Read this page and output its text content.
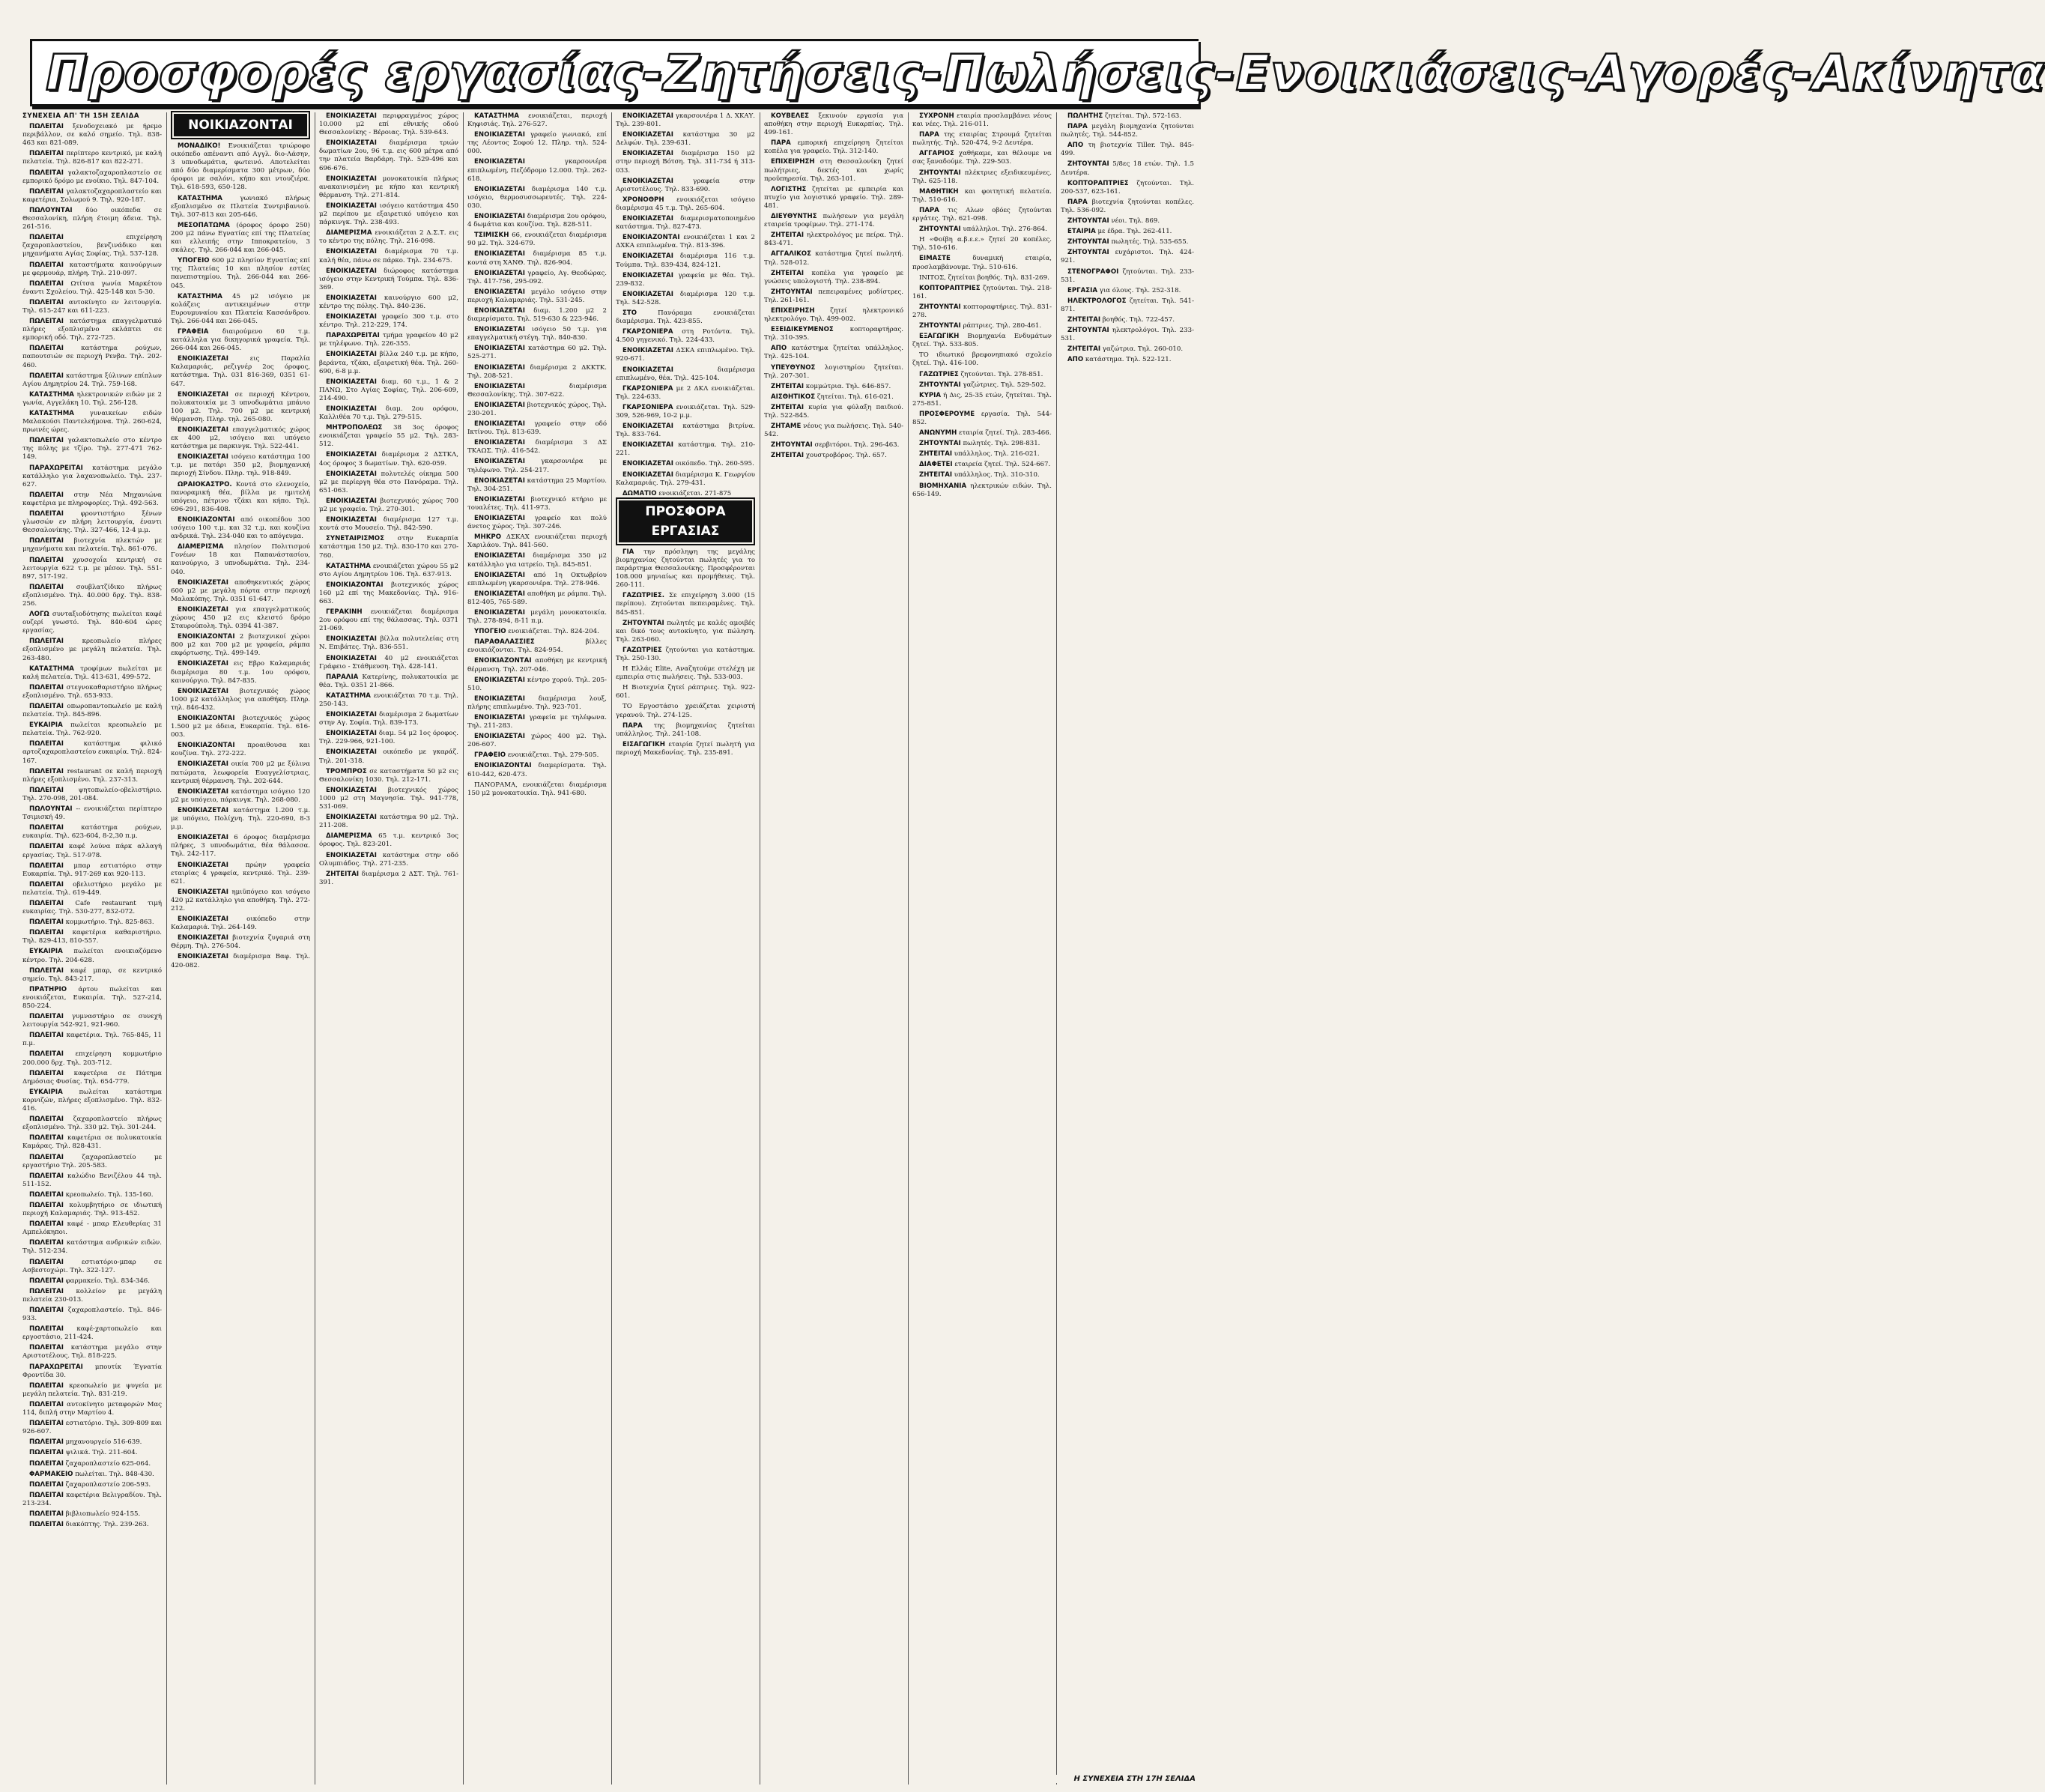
Προσφορές εργασίας-Ζητήσεις-Πωλήσεις-Ενοικιάσεις-Αγορές-Ακίνητα

ΣΥΝΕΧΕΙΑ ΑΠ' ΤΗ 15Η ΣΕΛΙΔΑ

ΠΩΛΕΙΤΑΙ ξενοδοχειακό με ήρεμο περιβάλλον, σε καλό σημείο. Τηλ. 838-463 και 821-089.

ΠΩΛΕΙΤΑΙ περίπτερο κεντρικό, με καλή πελατεία. Τηλ. 826-817 και 822-271.

ΠΩΛΕΙΤΑΙ γαλακτοζαχαροπλαστείο σε εμπορικό δρόμο με ενοίκιο. Τηλ. 847-104.

ΠΩΛΕΙΤΑΙ γαλακτοζαχαροπλαστείο και καφετέρια, Σολωμού 9. Τηλ. 920-187.

ΠΩΛΟΥΝΤΑΙ δύο οικόπεδα σε Θεσσαλονίκη, πλήρη έτοιμη άδεια. Τηλ. 261-516.

ΠΩΛΕΙΤΑΙ επιχείρηση ζαχαροπλαστείου, βενζινάδικο και μηχανήματα Αγίας Σοφίας. Τηλ. 537-128.

ΠΩΛΕΙΤΑΙ καταστήματα καινούργιων με φερμουάρ, πλήρη. Τηλ. 210-097.

ΠΩΛΕΙΤΑΙ Ωτίτσα γωνία Μαρκέτου έναντι Σχολείου. Τηλ. 425-148 και 5-30.

ΠΩΛΕΙΤΑΙ αυτοκίνητο εν λειτουργία. Τηλ. 615-247 και 611-223.

ΠΩΛΕΙΤΑΙ κατάστημα επαγγελματικό πλήρες εξοπλισμένο εκλάπτει σε εμπορική οδό. Τηλ. 272-725.

ΠΩΛΕΙΤΑΙ κατάστημα ρούχων, παπουτσιών σε περιοχή Ρενβα. Τηλ. 202-460.

ΠΩΛΕΙΤΑΙ κατάστημα ξύλινων επίπλων Αγίου Δημητρίου 24. Τηλ. 759-168.

ΚΑΤΑΣΤΗΜΑ ηλεκτρονικών ειδών με 2 γωνία, Αγγελάκη 10. Τηλ. 256-128.

ΚΑΤΑΣΤΗΜΑ γυναικείων ειδών Μαλακούσι Παντελεήμονα. Τηλ. 260-624, πρωινές ώρες.

ΠΩΛΕΙΤΑΙ γαλακτοπωλείο στο κέντρο της πόλης με τζίρο. Τηλ. 277-471 762-149.

ΠΑΡΑΧΩΡΕΙΤΑΙ κατάστημα μεγάλο κατάλληλο για λαχανοπωλείο. Τηλ. 237-627.

ΠΩΛΕΙΤΑΙ στην Νέα Μηχανιώνα καφετέρια με πληροφορίες. Τηλ. 492-563.

ΠΩΛΕΙΤΑΙ φροντιστήριο ξένων γλωσσών εν πλήρη λειτουργία, έναντι Θεσσαλονίκης. Τηλ. 327-466, 12-4 μ.μ.

ΠΩΛΕΙΤΑΙ βιοτεχνία πλεκτών με μηχανήματα και πελατεία. Τηλ. 861-076.

ΠΩΛΕΙΤΑΙ χρυσοχοΐα κεντρική σε λειτουργία 622 τ.μ. με μέσον. Τηλ. 551-897, 517-192.

ΠΩΛΕΙΤΑΙ σουβλατζίδικο πλήρως εξοπλισμένο. Τηλ. 40.000 δρχ. Τηλ. 838-256.

ΛΟΓΩ συνταξιοδότησης πωλείται καφέ ουζερί γνωστό. Τηλ. 840-604 ώρες εργασίας.

ΠΩΛΕΙΤΑΙ κρεοπωλείο πλήρες εξοπλισμένο με μεγάλη πελατεία. Τηλ. 263-480.

ΚΑΤΑΣΤΗΜΑ τροφίμων πωλείται με καλή πελατεία. Τηλ. 413-631, 499-572.

ΠΩΛΕΙΤΑΙ στεγνοκαθαριστήριο πλήρως εξοπλισμένο. Τηλ. 653-933.

ΠΩΛΕΙΤΑΙ οπωροπαντοπωλείο με καλή πελατεία. Τηλ. 845-896.

ΕΥΚΑΙΡΙΑ πωλείται κρεοπωλείο με πελατεία. Τηλ. 762-920.

ΠΩΛΕΙΤΑΙ κατάστημα φιλικό αρτοζαχαροπλαστείου ευκαιρία. Τηλ. 824-167.

ΠΩΛΕΙΤΑΙ restaurant σε καλή περιοχή πλήρες εξοπλισμένο. Τηλ. 237-313.

ΠΩΛΕΙΤΑΙ ψητοπωλείο-οβελιστήριο. Τηλ. 270-098, 201-084.

ΠΩΛΟΥΝΤΑΙ -- ενοικιάζεται περίπτερο Τσιμισκή 49.

ΠΩΛΕΙΤΑΙ κατάστημα ρούχων, ευκαιρία. Τηλ. 623-604, 8-2,30 π.μ.

ΠΩΛΕΙΤΑΙ καφέ λούνα πάρκ αλλαγή εργασίας. Τηλ. 517-978.

ΠΩΛΕΙΤΑΙ μπαρ εστιατόριο στην Ευκαρπία. Τηλ. 917-269 και 920-113.

ΠΩΛΕΙΤΑΙ οβελιστήριο μεγάλο με πελατεία. Τηλ. 619-449.

ΠΩΛΕΙΤΑΙ Cafe restaurant τιμή ευκαιρίας. Τηλ. 530-277, 832-072.

ΠΩΛΕΙΤΑΙ κομμωτήριο. Τηλ. 825-863.

ΠΩΛΕΙΤΑΙ καφετέρια καθαριστήριο. Τηλ. 829-413, 810-557.

ΕΥΚΑΙΡΙΑ πωλείται ενοικιαζόμενο κέντρο. Τηλ. 204-628.

ΠΩΛΕΙΤΑΙ καφέ μπαρ, σε κεντρικό σημείο. Τηλ. 843-217.

ΠΡΑΤΗΡΙΟ άρτου πωλείται και ενοικιάζεται, Ευκαιρία. Τηλ. 527-214, 850-224.

ΠΩΛΕΙΤΑΙ γυμναστήριο σε συνεχή λειτουργία 542-921, 921-960.

ΠΩΛΕΙΤΑΙ καφετέρια. Τηλ. 765-845, 11 π.μ.

ΠΩΛΕΙΤΑΙ επιχείρηση κομμωτήριο 200.000 δρχ. Τηλ. 203-712.

ΠΩΛΕΙΤΑΙ καφετέρια σε Πάτημα Δημόσιας Φυσίας. Τηλ. 654-779.

ΕΥΚΑΙΡΙΑ πωλείται κατάστημα κορνιζών, πλήρες εξοπλισμένο. Τηλ. 832-416.

ΠΩΛΕΙΤΑΙ ζαχαροπλαστείο πλήρως εξοπλισμένο. Τηλ. 330 μ2. Τηλ. 301-244.

ΠΩΛΕΙΤΑΙ καφετέρια σε πολυκατοικία Καμάρας. Τηλ. 828-431.

ΠΩΛΕΙΤΑΙ ζαχαροπλαστείο με εργαστήριο Τηλ. 205-583.

ΠΩΛΕΙΤΑΙ καλώδιο Βενιζέλου 44 τηλ. 511-152.

ΠΩΛΕΙΤΑΙ κρεοπωλείο. Τηλ. 135-160.

ΠΩΛΕΙΤΑΙ κολυμβητήριο σε ιδιωτική περιοχή Καλαμαριάς. Τηλ. 913-452.

ΠΩΛΕΙΤΑΙ καφέ - μπαρ Ελευθερίας 31 Αμπελόκηποι.

ΠΩΛΕΙΤΑΙ κατάστημα ανδρικών ειδών. Τηλ. 512-234.

ΠΩΛΕΙΤΑΙ εστιατόριο-μπαρ σε Ασβεστοχώρι. Τηλ. 322-127.

ΠΩΛΕΙΤΑΙ φαρμακείο. Τηλ. 834-346.

ΠΩΛΕΙΤΑΙ κολλείον με μεγάλη πελατεία 230-013.

ΠΩΛΕΙΤΑΙ ζαχαροπλαστείο. Τηλ. 846-933.

ΠΩΛΕΙΤΑΙ καφέ-χαρτοπωλείο και εργοστάσιο, 211-424.

ΠΩΛΕΙΤΑΙ κατάστημα μεγάλο στην Αριστοτέλους. Τηλ. 818-225.

ΠΑΡΑΧΩΡΕΙΤΑΙ μπουτίκ Έγνατία Φροντίδα 30.

ΠΩΛΕΙΤΑΙ κρεοπωλείο με ψυγεία με μεγάλη πελατεία. Τηλ. 831-219.

ΠΩΛΕΙΤΑΙ αυτοκίνητο μεταφορών Μας 114, διπλή στην Μαρτίου 4.

ΠΩΛΕΙΤΑΙ εστιατόριο. Τηλ. 309-809 και 926-607.

ΠΩΛΕΙΤΑΙ μηχανουργείο 516-639.

ΠΩΛΕΙΤΑΙ ψιλικά. Τηλ. 211-604.

ΠΩΛΕΙΤΑΙ ζαχαροπλαστείο 625-064.

ΦΑΡΜΑΚΕΙΟ πωλείται. Τηλ. 848-430.

ΠΩΛΕΙΤΑΙ ζαχαροπλαστείο 206-593.

ΠΩΛΕΙΤΑΙ καφετέρια Βελιγραδίου. Τηλ. 213-234.

ΠΩΛΕΙΤΑΙ βιβλιοπωλείο 924-155.

ΠΩΛΕΙΤΑΙ διακόπτης. Τηλ. 239-263.

ΝΟΙΚΙΑΖΟΝΤΑΙ

ΜΟΝΑΔΙΚΟ! Ενοικιάζεται τριώροφο οικόπεδο απέναντι από Αγγλ. διο-Λάσην, 3 υπνοδωμάτια, φωτεινό. Αποτελείται από δύο διαμερίσματα 300 μέτρων, δύο όροφοι με σαλόνι, κήπο και ντουζιέρα. Τηλ. 618-593, 650-128.

ΚΑΤΑΣΤΗΜΑ γωνιακό πλήρως εξοπλισμένο σε Πλατεία Συντριβανιού. Τηλ. 307-813 και 205-646.

ΜΕΣΟΠΑΤΩΜΑ (όροφος όροφο 250) 200 μ2 πάνω Εγνατίας επί της Πλατείας και ελλειπής στην Ιπποκρατείου, 3 σκάλες. Τηλ. 266-044 και 266-045.

ΥΠΟΓΕΙΟ 600 μ2 πλησίον Εγνατίας επί της Πλατείας 10 και πλησίον εστίες πανεπιστημίου. Τηλ. 266-044 και 266-045.

ΚΑΤΑΣΤΗΜΑ 45 μ2 ισόγειο με κολάζεις αντικειμένων στην Ευρουμυναίου και Πλατεία Κασσάνδρου. Τηλ. 266-044 και 266-045.

ΓΡΑΦΕΙΑ διαιρούμενο 60 τ.μ. κατάλληλα για δικηγορικά γραφεία. Τηλ. 266-044 και 266-045.

ΕΝΟΙΚΙΑΖΕΤΑΙ εις Παραλία Καλαμαριάς, ρεζιγνέρ 2ος όροφος, κατάστημα. Τηλ. 031 816-369, 0351 61-647.

ΕΝΟΙΚΙΑΖΕΤΑΙ σε περιοχή Κέντρου, πολυκατοικία με 3 υπνοδωμάτια μπάνιο 100 μ2. Τηλ. 700 μ2 με κεντρική θέρμανση. Πληρ. τηλ. 265-080.

ΕΝΟΙΚΙΑΖΕΤΑΙ επαγγελματικός χώρος εκ 400 μ2, ισόγειο και υπόγειο κατάστημα με παρκινγκ. Τηλ. 522-441.

ΕΝΟΙΚΙΑΖΕΤΑΙ ισόγειο κατάστημα 100 τ.μ. με πατάρι 350 μ2, βιομηχανική περιοχή Σίνδου. Πληρ. τηλ. 918-849.

ΩΡΑΙΟΚΑΣΤΡΟ. Κοντά στο ελενοχείο, πανοραμική θέα, βίλλα με ημιτελή υπόγειο, πέτρινο τζάκι και κήπο. Τηλ. 696-291, 836-408.

ΕΝΟΙΚΙΑΖΟΝΤΑΙ από οικοπέδου 300 ισόγειο 100 τ.μ. και 32 τ.μ. και κουζίνα ανδρικά. Τηλ. 234-040 και το απόγευμα.

ΔΙΑΜΕΡΙΣΜΑ πλησίον Πολιτισμού Γονέων 18 και Παπανάστασίου, καινούργιο, 3 υπνοδωμάτια. Τηλ. 234-040.

ΕΝΟΙΚΙΑΖΕΤΑΙ αποθηκευτικός χώρος 600 μ2 με μεγάλη πόρτα στην περιοχή Μαλακόπης. Τηλ. 0351 61-647.

ΕΝΟΙΚΙΑΖΕΤΑΙ για επαγγελματικούς χώρους 450 μ2 εις κλειστό δρόμο Σταυρούπολη. Τηλ. 0394 41-387.

ΕΝΟΙΚΙΑΖΟΝΤΑΙ 2 βιοτεχνικοί χώροι 800 μ2 και 700 μ2 με γραφεία, ράμπα εκφόρτωσης. Τηλ. 499-149.

ΕΝΟΙΚΙΑΖΕΤΑΙ εις Εβρο Καλαμαριάς διαμέρισμα 80 τ.μ. 1ου ορόφου, καινούργιο. Τηλ. 847-835.

ΕΝΟΙΚΙΑΖΕΤΑΙ βιοτεχνικός χώρος 1000 μ2 κατάλληλος για αποθήκη. Πληρ. τηλ. 846-432.

ΕΝΟΙΚΙΑΖΟΝΤΑΙ βιοτεχνικός χώρος 1.500 μ2 με άδεια, Ευκαρπία. Τηλ. 616-003.

ΕΝΟΙΚΙΑΖΟΝΤΑΙ προαιθουσα και κουζίνα. Τηλ. 272-222.

ΕΝΟΙΚΙΑΖΕΤΑΙ οικία 700 μ2 με ξύλινα πατώματα, λεωφορεία Ευαγγελίστριας, κεντρική θέρμανση. Τηλ. 202-644.

ΕΝΟΙΚΙΑΖΕΤΑΙ κατάστημα ισόγειο 120 μ2 με υπόγειο, πάρκινγκ. Τηλ. 268-080.

ΕΝΟΙΚΙΑΖΕΤΑΙ κατάστημα 1.200 τ.μ. με υπόγειο, Πολίχνη. Τηλ. 220-690, 8-3 μ.μ.

ΕΝΟΙΚΙΑΖΕΤΑΙ 6 όροφος διαμέρισμα πλήρες, 3 υπνοδωμάτια, θέα θάλασσα. Τηλ. 242-117.

ΕΝΟΙΚΙΑΖΕΤΑΙ πρώην γραφεία εταιρίας 4 γραφεία, κεντρικό. Τηλ. 239-621.

ΕΝΟΙΚΙΑΖΕΤΑΙ ημιϋπόγειο και ισόγειο 420 μ2 κατάλληλο για αποθήκη. Τηλ. 272-212.

ΕΝΟΙΚΙΑΖΕΤΑΙ οικόπεδο στην Καλαμαριά. Τηλ. 264-149.

ΕΝΟΙΚΙΑΖΕΤΑΙ βιοτεχνία ζυγαριά στη Θέρμη. Τηλ. 276-504.

ΕΝΟΙΚΙΑΖΕΤΑΙ διαμέρισμα Βαφ. Τηλ. 420-082.

ΕΝΟΙΚΙΑΖΕΤΑΙ περιφραγμένος χώρος 10.000 μ2 επί εθνικής οδού Θεσσαλονίκης - Βέροιας. Τηλ. 539-643.

ΕΝΟΙΚΙΑΖΕΤΑΙ διαμέρισμα τριών δωματίων 2ου, 96 τ.μ. εις 600 μέτρα από την πλατεία Βαρδάρη. Τηλ. 529-496 και 696-676.

ΕΝΟΙΚΙΑΖΕΤΑΙ μονοκατοικία πλήρως ανακαινισμένη με κήπο και κεντρική θέρμανση. Τηλ. 271-814.

ΕΝΟΙΚΙΑΖΕΤΑΙ ισόγειο κατάστημα 450 μ2 περίπου με εξαιρετικό υπόγειο και πάρκινγκ. Τηλ. 238-493.

ΔΙΑΜΕΡΙΣΜΑ ενοικιάζεται 2 Δ.Σ.Τ. εις το κέντρο της πόλης. Τηλ. 216-098.

ΕΝΟΙΚΙΑΖΕΤΑΙ διαμέρισμα 70 τ.μ. καλή θέα, πάνω σε πάρκο. Τηλ. 234-675.

ΕΝΟΙΚΙΑΖΕΤΑΙ διώροφος κατάστημα ισόγειο στην Κεντρική Τούμπα. Τηλ. 836-369.

ΕΝΟΙΚΙΑΖΕΤΑΙ καινούργιο 600 μ2, κέντρο της πόλης. Τηλ. 840-236.

ΕΝΟΙΚΙΑΖΕΤΑΙ γραφείο 300 τ.μ. στο κέντρο. Τηλ. 212-229, 174.

ΠΑΡΑΧΩΡΕΙΤΑΙ τμήμα γραφείου 40 μ2 με τηλέφωνο. Τηλ. 226-355.

ΕΝΟΙΚΙΑΖΕΤΑΙ βίλλα 240 τ.μ. με κήπο, βεράντα, τζάκι, εξαιρετική θέα. Τηλ. 260-690, 6-8 μ.μ.

ΕΝΟΙΚΙΑΖΕΤΑΙ διαμ. 60 τ.μ., 1 & 2 ΠΑΝΩ, Στο Αγίας Σοφίας, Τηλ. 206-609, 214-490.

ΕΝΟΙΚΙΑΖΕΤΑΙ διαμ. 2ου ορόφου, Καλλιθέα 70 τ.μ. Τηλ. 279-515.

ΜΗΤΡΟΠΟΛΕΩΣ 38 3ος όροφος ενοικιάζεται γραφείο 55 μ2. Τηλ. 283-512.

ΕΝΟΙΚΙΑΖΕΤΑΙ διαμέρισμα 2 ΔΣΤΚΛ, 4ος όροφος 3 δωματίων. Τηλ. 620-059.

ΕΝΟΙΚΙΑΖΕΤΑΙ πολυτελές οίκημα 500 μ2 με περίεργη θέα στο Πανόραμα. Τηλ. 651-063.

ΕΝΟΙΚΙΑΖΕΤΑΙ βιοτεχνικός χώρος 700 μ2 με γραφεία. Τηλ. 270-301.

ΕΝΟΙΚΙΑΖΕΤΑΙ διαμέρισμα 127 τ.μ. κοντά στο Μουσείο. Τηλ. 842-590.

ΣΥΝΕΤΑΙΡΙΣΜΟΣ στην Ευκαρπία κατάστημα 150 μ2. Τηλ. 830-170 και 270-760.

ΚΑΤΑΣΤΗΜΑ ενοικιάζεται χώρου 55 μ2 στο Αγίου Δημητρίου 106. Τηλ. 637-913.

ΕΝΟΙΚΙΑΖΟΝΤΑΙ βιοτεχνικός χώρος 160 μ2 επί της Μακεδονίας. Τηλ. 916-663.

ΓΕΡΑΚΙΝΗ ενοικιάζεται διαμέρισμα 2ου ορόφου επί της θάλασσας. Τηλ. 0371 21-069.

ΕΝΟΙΚΙΑΖΕΤΑΙ βίλλα πολυτελείας στη Ν. Επιβάτες. Τηλ. 836-551.

ΕΝΟΙΚΙΑΖΕΤΑΙ 40 μ2 ενοικιάζεται Γράφειο - Στάθμευση. Τηλ. 428-141.

ΠΑΡΑΛΙΑ Κατερίνης, πολυκατοικία με θέα. Τηλ. 0351 21-866.

ΚΑΤΑΣΤΗΜΑ ενοικιάζεται 70 τ.μ. Τηλ. 250-143.

ΕΝΟΙΚΙΑΖΕΤΑΙ διαμέρισμα 2 δωματίων στην Αγ. Σοφία. Τηλ. 839-173.

ΕΝΟΙΚΙΑΖΕΤΑΙ διαμ. 54 μ2 1ος όροφος. Τηλ. 229-966, 921-100.

ΕΝΟΙΚΙΑΖΕΤΑΙ οικόπεδο με γκαράζ. Τηλ. 201-318.

ΤΡΟΜΠΡΟΣ σε καταστήματα 50 μ2 εις Θεσσαλονίκη 1030. Τηλ. 212-171.

ΕΝΟΙΚΙΑΖΕΤΑΙ βιοτεχνικός χώρος 1000 μ2 στη Μαγνησία. Τηλ. 941-778, 531-069.

ΕΝΟΙΚΙΑΖΕΤΑΙ κατάστημα 90 μ2. Τηλ. 211-208.

ΔΙΑΜΕΡΙΣΜΑ 65 τ.μ. κεντρικό 3ος όροφος. Τηλ. 823-201.

ΕΝΟΙΚΙΑΖΕΤΑΙ κατάστημα στην οδό Ολυμπιάδος. Τηλ. 271-235.

ΖΗΤΕΙΤΑΙ διαμέρισμα 2 ΔΣΤ. Τηλ. 761-391.

ΚΑΤΑΣΤΗΜΑ ενοικιάζεται, περιοχή Κηφισιάς. Τηλ. 276-527.

ΕΝΟΙΚΙΑΖΕΤΑΙ γραφείο γωνιακό, επί της Λέοντος Σοφού 12. Πληρ. τηλ. 524-000.

ΕΝΟΙΚΙΑΖΕΤΑΙ γκαρσονιέρα επιπλωμένη, Πεζόδρομο 12.000. Τηλ. 262-618.

ΕΝΟΙΚΙΑΖΕΤΑΙ διαμέρισμα 140 τ.μ. ισόγειο, θερμοσυσσωρευτές. Τηλ. 224-030.

ΕΝΟΙΚΙΑΖΕΤΑΙ διαμέρισμα 2ου ορόφου, 4 δωμάτια και κουζίνα. Τηλ. 828-511.

ΤΣΙΜΙΣΚΗ 66, ενοικιάζεται διαμέρισμα 90 μ2. Τηλ. 324-679.

ΕΝΟΙΚΙΑΖΕΤΑΙ διαμέρισμα 85 τ.μ. κοντά στη ΧΑΝΘ. Τηλ. 826-904.

ΕΝΟΙΚΙΑΖΕΤΑΙ γραφείο, Αγ. Θεοδώρας. Τηλ. 417-756, 295-092.

ΕΝΟΙΚΙΑΖΕΤΑΙ μεγάλο ισόγειο στην περιοχή Καλαμαριάς. Τηλ. 531-245.

ΕΝΟΙΚΙΑΖΕΤΑΙ διαμ. 1.200 μ2 2 διαμερίσματα. Τηλ. 519-630 & 223-946.

ΕΝΟΙΚΙΑΖΕΤΑΙ ισόγειο 50 τ.μ. για επαγγελματική στέγη. Τηλ. 840-830.

ΕΝΟΙΚΙΑΖΕΤΑΙ κατάστημα 60 μ2. Τηλ. 525-271.

ΕΝΟΙΚΙΑΖΕΤΑΙ διαμέρισμα 2 ΔΚΚΤΚ. Τηλ. 208-521.

ΕΝΟΙΚΙΑΖΕΤΑΙ διαμέρισμα Θεσσαλονίκης. Τηλ. 307-622.

ΕΝΟΙΚΙΑΖΕΤΑΙ βιοτεχνικός χώρος, Τηλ. 230-201.

ΕΝΟΙΚΙΑΖΕΤΑΙ γραφείο στην οδό Ικτίνου. Τηλ. 813-639.

ΕΝΟΙΚΙΑΖΕΤΑΙ διαμέρισμα 3 ΔΣ ΤΚΑΩΣ. Τηλ. 416-542.

ΕΝΟΙΚΙΑΖΕΤΑΙ γκαρσονιέρα με τηλέφωνο. Τηλ. 254-217.

ΕΝΟΙΚΙΑΖΕΤΑΙ κατάστημα 25 Μαρτίου. Τηλ. 304-251.

ΕΝΟΙΚΙΑΖΕΤΑΙ βιοτεχνικό κτήριο με τουαλέτες. Τηλ. 411-973.

ΕΝΟΙΚΙΑΖΕΤΑΙ γραφείο και πολύ άνετος χώρος. Τηλ. 307-246.

ΜΗΚΡΟ ΔΣΚΑΧ ενοικιάζεται περιοχή Χαριλάου. Τηλ. 841-560.

ΕΝΟΙΚΙΑΖΕΤΑΙ διαμέρισμα 350 μ2 κατάλληλο για ιατρείο. Τηλ. 845-851.

ΕΝΟΙΚΙΑΖΕΤΑΙ από 1η Οκτωβρίου επιπλωμένη γκαρσονιέρα. Τηλ. 278-946.

ΕΝΟΙΚΙΑΖΕΤΑΙ αποθήκη με ράμπα. Τηλ. 812-405, 765-589.

ΕΝΟΙΚΙΑΖΕΤΑΙ μεγάλη μονοκατοικία. Τηλ. 278-894, 8-11 π.μ.

ΥΠΟΓΕΙΟ ενοικιάζεται. Τηλ. 824-204.

ΠΑΡΑΘΑΛΑΣΣΙΕΣ βίλλες ενοικιάζονται. Τηλ. 824-954.

ΕΝΟΙΚΙΑΖΟΝΤΑΙ αποθήκη με κεντρική θέρμανση. Τηλ. 207-046.

ΕΝΟΙΚΙΑΖΕΤΑΙ κέντρο χορού. Τηλ. 205-510.

ΕΝΟΙΚΙΑΖΕΤΑΙ διαμέρισμα λουξ, πλήρης επιπλωμένο. Τηλ. 923-701.

ΕΝΟΙΚΙΑΖΕΤΑΙ γραφεία με τηλέφωνα. Τηλ. 211-283.

ΕΝΟΙΚΙΑΖΕΤΑΙ χώρος 400 μ2. Τηλ. 206-607.

ΓΡΑΦΕΙΟ ενοικιάζεται. Τηλ. 279-505.

ΕΝΟΙΚΙΑΖΟΝΤΑΙ διαμερίσματα. Τηλ. 610-442, 620-473.

ΠΑΝΟΡΑΜΑ, ενοικιάζεται διαμέρισμα 150 μ2 μονοκατοικία. Τηλ. 941-680.

ΕΝΟΙΚΙΑΖΕΤΑΙ γκαρσονιέρα 1 Δ. ΧΚΑΥ. Τηλ. 239-801.

ΕΝΟΙΚΙΑΖΕΤΑΙ κατάστημα 30 μ2 Δελφών. Τηλ. 239-631.

ΕΝΟΙΚΙΑΖΕΤΑΙ διαμέρισμα 150 μ2 στην περιοχή Βότση. Τηλ. 311-734 ή 313-033.

ΕΝΟΙΚΙΑΖΕΤΑΙ γραφεία στην Αριστοτέλους. Τηλ. 833-690.

ΧΡΟΝΟΘΡΗ ενοικιάζεται ισόγειο διαμέρισμα 45 τ.μ. Τηλ. 265-604.

ΕΝΟΙΚΙΑΖΕΤΑΙ διαμερισματοποιημένο κατάστημα. Τηλ. 827-473.

ΕΝΟΙΚΙΑΖΟΝΤΑΙ ενοικιάζεται 1 και 2 ΔΧΚΑ επιπλωμένα. Τηλ. 813-396.

ΕΝΟΙΚΙΑΖΕΤΑΙ διαμέρισμα 116 τ.μ. Τούμπα. Τηλ. 839-434, 824-121.

ΕΝΟΙΚΙΑΖΕΤΑΙ γραφεία με θέα. Τηλ. 239-832.

ΕΝΟΙΚΙΑΖΕΤΑΙ διαμέρισμα 120 τ.μ. Τηλ. 542-528.

ΣΤΟ Πανόραμα ενοικιάζεται διαμέρισμα. Τηλ. 423-855.

ΓΚΑΡΣΟΝΙΕΡΑ στη Ροτόντα. Τηλ. 4.500 γηγενικό. Τηλ. 224-433.

ΕΝΟΙΚΙΑΖΕΤΑΙ ΔΣΚΑ επιπλωμένο. Τηλ. 920-671.

ΕΝΟΙΚΙΑΖΕΤΑΙ διαμέρισμα επιπλωμένο, θέα. Τηλ. 425-104.

ΓΚΑΡΣΟΝΙΕΡΑ με 2 ΔΚΛ ενοικιάζεται. Τηλ. 224-633.

ΓΚΑΡΣΟΝΙΕΡΑ ενοικιάζεται. Τηλ. 529-309, 526-969, 10-2 μ.μ.

ΕΝΟΙΚΙΑΖΕΤΑΙ κατάστημα βιτρίνα. Τηλ. 833-764.

ΕΝΟΙΚΙΑΖΕΤΑΙ κατάστημα. Τηλ. 210-221.

ΕΝΟΙΚΙΑΖΕΤΑΙ οικόπεδο. Τηλ. 260-595.

ΕΝΟΙΚΙΑΖΕΤΑΙ διαμέρισμα Κ. Γεωργίου Καλαμαριάς. Τηλ. 279-431.

ΔΩΜΑΤΙΟ ενοικιάζεται. 271-875

ΠΡΟΣΦΟΡΑ ΕΡΓΑΣΙΑΣ

ΓΙΑ την πρόσληψη της μεγάλης βιομηχανίας ζητούνται πωλητές για το παράρτημα Θεσσαλονίκης. Προσφέρονται 108.000 μηνιαίως και προμήθειες. Τηλ. 260-111.

ΓΑΖΩΤΡΙΕΣ. Σε επιχείρηση 3.000 (15 περίπου). Ζητούνται πεπειραμένες. Τηλ. 845-851.

ΖΗΤΟΥΝΤΑΙ πωλητές με καλές αμοιβές και δικό τους αυτοκίνητο, για πώληση. Τηλ. 263-060.

ΓΑΖΩΤΡΙΕΣ ζητούνται για κατάστημα. Τηλ. 250-130.

Η Ελλάς Elite, Αναζητούμε στελέχη με εμπειρία στις πωλήσεις. Τηλ. 533-003.

Η Βιοτεχνία ζητεί ράπτριες. Τηλ. 922-601.

ΤΟ Εργοστάσιο χρειάζεται χειριστή γερανού. Τηλ. 274-125.

ΠΑΡΑ της βιομηχανίας ζητείται υπάλληλος. Τηλ. 241-108.

ΕΙΣΑΓΩΓΙΚΗ εταιρία ζητεί πωλητή για περιοχή Μακεδονίας. Τηλ. 235-891.

ΚΟΥΒΕΛΕΣ ξεκινούν εργασία για αποθήκη στην περιοχή Ευκαρπίας. Τηλ. 499-161.

ΠΑΡΑ εμπορική επιχείρηση ζητείται κοπέλα για γραφείο. Τηλ. 312-140.

ΕΠΙΧΕΙΡΗΣΗ στη Θεσσαλονίκη ζητεί πωλήτριες, δεκτές και χωρίς προϋπηρεσία. Τηλ. 263-101.

ΛΟΓΙΣΤΗΣ ζητείται με εμπειρία και πτυχίο για λογιστικό γραφείο. Τηλ. 289-481.

ΔΙΕΥΘΥΝΤΗΣ πωλήσεων για μεγάλη εταιρεία τροφίμων. Τηλ. 271-174.

ΖΗΤΕΙΤΑΙ ηλεκτρολόγος με πείρα. Τηλ. 843-471.

ΑΓΓΑΛΙΚΟΣ κατάστημα ζητεί πωλητή. Τηλ. 528-012.

ΖΗΤΕΙΤΑΙ κοπέλα για γραφείο με γνώσεις υπολογιστή. Τηλ. 238-894.

ΖΗΤΟΥΝΤΑΙ πεπειραμένες μοδίστρες. Τηλ. 261-161.

ΕΠΙΧΕΙΡΗΣΗ ζητεί ηλεκτρονικό ηλεκτρολόγο. Τηλ. 499-002.

ΕΞΕΙΔΙΚΕΥΜΕΝΟΣ κοπτοραφτήρας. Τηλ. 310-395.

ΑΠΟ κατάστημα ζητείται υπάλληλος. Τηλ. 425-104.

ΥΠΕΥΘΥΝΟΣ λογιστηρίου ζητείται. Τηλ. 207-301.

ΖΗΤΕΙΤΑΙ κομμώτρια. Τηλ. 646-857.

ΑΙΣΘΗΤΙΚΟΣ ζητείται. Τηλ. 616-021.

ΖΗΤΕΙΤΑΙ κυρία για φύλαξη παιδιού. Τηλ. 522-845.

ΖΗΤΑΜΕ νέους για πωλήσεις. Τηλ. 540-542.

ΖΗΤΟΥΝΤΑΙ σερβιτόροι. Τηλ. 296-463.

ΖΗΤΕΙΤΑΙ χουστροβόρος. Τηλ. 657.

ΣΥΧΡΟΝΗ εταιρία προσλαμβάνει νέους και νέες. Τηλ. 216-011.

ΠΑΡΑ της εταιρίας Στρουμά ζητείται πωλητής. Τηλ. 520-474, 9-2 Δευτέρα.

ΑΓΓΑΡΙΟΣ χαθήκαμε, και θέλουμε να σας ξαναδούμε. Τηλ. 229-503.

ΖΗΤΟΥΝΤΑΙ πλέκτριες εξειδικευμένες. Τηλ. 625-118.

ΜΑΘΗΤΙΚΗ και φοιτητική πελατεία. Τηλ. 510-616.

ΠΑΡΑ τις Αλων οβόες ζητούνται εργάτες. Τηλ. 621-098.

ΖΗΤΟΥΝΤΑΙ υπάλληλοι. Τηλ. 276-864.

Η «Φοίβη α.β.ε.ε.» ζητεί 20 κοπέλες. Τηλ. 510-616.

ΕΙΜΑΣΤΕ δυναμική εταιρία, προσλαμβάνουμε. Τηλ. 510-616.

ΙΝΙΤΟΣ, ζητείται βοηθός. Τηλ. 831-269.

ΚΟΠΤΟΡΑΠΤΡΙΕΣ ζητούνται. Τηλ. 218-161.

ΖΗΤΟΥΝΤΑΙ κοπτοραφτήριες. Τηλ. 831-278.

ΖΗΤΟΥΝΤΑΙ ράπτριες. Τηλ. 280-461.

ΕΞΑΓΩΓΙΚΗ Βιομηχανία Ενδυμάτων ζητεί. Τηλ. 533-805.

ΤΟ ιδιωτικό βρεφονηπιακό σχολείο ζητεί. Τηλ. 416-100.

ΓΑΖΩΤΡΙΕΣ ζητούνται. Τηλ. 278-851.

ΖΗΤΟΥΝΤΑΙ γαζώτριες. Τηλ. 529-502.

ΚΥΡΙΑ ή Δις, 25-35 ετών, ζητείται. Τηλ. 275-851.

ΠΡΟΣΦΕΡΟΥΜΕ εργασία. Τηλ. 544-852.

ΑΝΩΝΥΜΗ εταιρία ζητεί. Τηλ. 283-466.

ΖΗΤΟΥΝΤΑΙ πωλητές. Τηλ. 298-831.

ΖΗΤΕΙΤΑΙ υπάλληλος. Τηλ. 216-021.

ΔΙΑΦΕΤΕΙ εταιρεία ζητεί. Τηλ. 524-667.

ΖΗΤΕΙΤΑΙ υπάλληλος. Τηλ. 310-310.

ΒΙΟΜΗΧΑΝΙΑ ηλεκτρικών ειδών. Τηλ. 656-149.

ΠΩΛΗΤΗΣ ζητείται. Τηλ. 572-163.

ΠΑΡΑ μεγάλη βιομηχανία ζητούνται πωλητές. Τηλ. 544-852.

ΑΠΟ τη βιοτεχνία Tiller. Τηλ. 845-499.

ΖΗΤΟΥΝΤΑΙ 5/8ες 18 ετών. Τηλ. 1.5 Δευτέρα.

ΚΟΠΤΟΡΑΠΤΡΙΕΣ ζητούνται. Τηλ. 200-537, 623-161.

ΠΑΡΑ βιοτεχνία ζητούνται κοπέλες. Τηλ. 536-092.

ΖΗΤΟΥΝΤΑΙ νέοι. Τηλ. 869.

ΕΤΑΙΡΙΑ με έδρα. Τηλ. 262-411.

ΖΗΤΟΥΝΤΑΙ πωλητές. Τηλ. 535-655.

ΖΗΤΟΥΝΤΑΙ ευχάριστοι. Τηλ. 424-921.

ΣΤΕΝΟΓΡΑΦΟΙ ζητούνται. Τηλ. 233-531.

ΕΡΓΑΣΙΑ για όλους. Τηλ. 252-318.

ΗΛΕΚΤΡΟΛΟΓΟΣ ζητείται. Τηλ. 541-871.

ΖΗΤΕΙΤΑΙ βοηθός. Τηλ. 722-457.

ΖΗΤΟΥΝΤΑΙ ηλεκτρολόγοι. Τηλ. 233-531.

ΖΗΤΕΙΤΑΙ γαζώτρια. Τηλ. 260-010.

ΑΠΟ κατάστημα. Τηλ. 522-121.

Η ΣΥΝΕΧΕΙΑ ΣΤΗ 17Η ΣΕΛΙΔΑ
